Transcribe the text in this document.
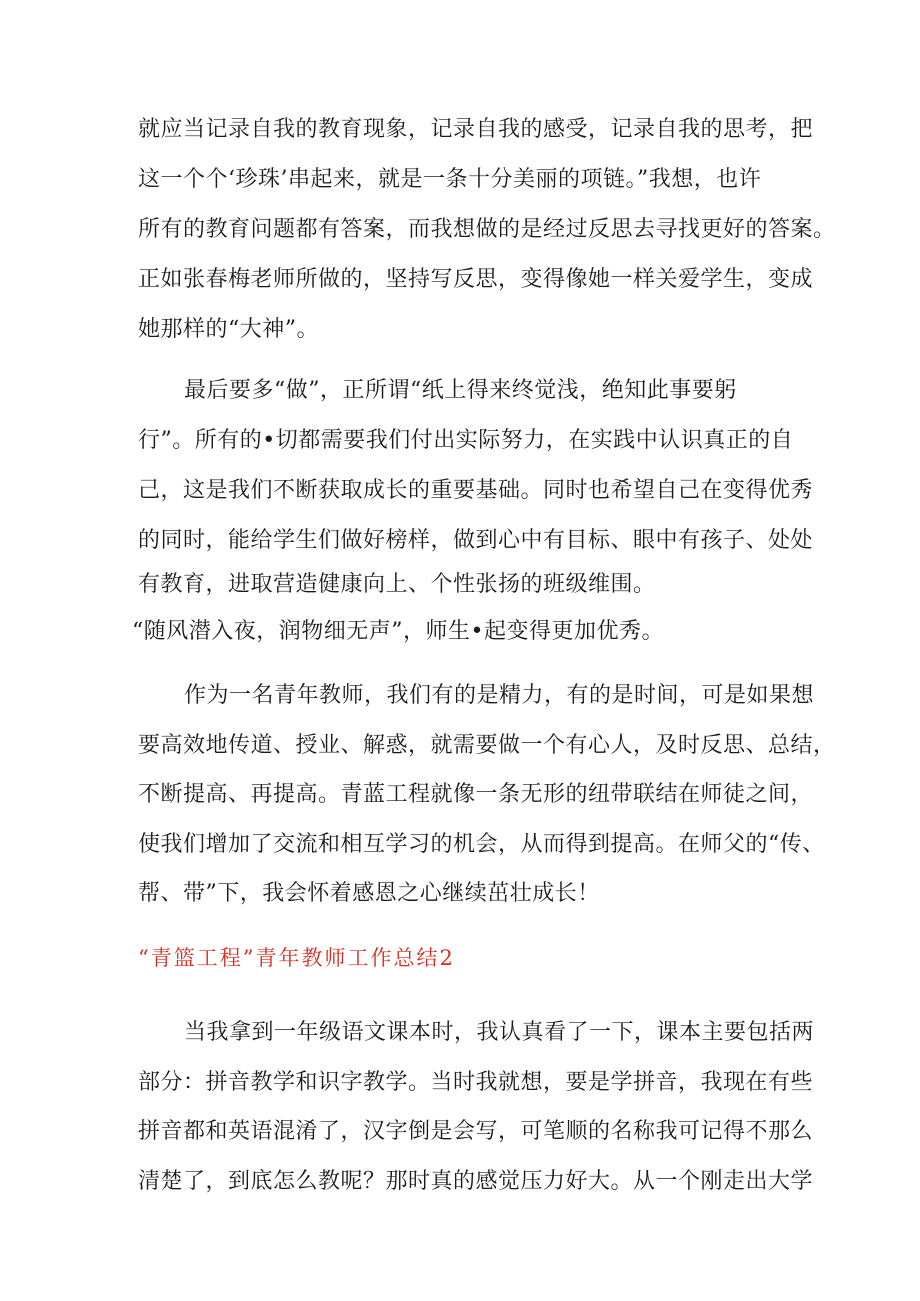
就应当记录自我的教育现象，记录自我的感受，记录自我的思考，把
这一个个‘珍珠’串起来，就是一条十分美丽的项链。”我想，也许
所有的教育问题都有答案，而我想做的是经过反思去寻找更好的答案。
正如张春梅老师所做的，坚持写反思，变得像她一样关爱学生，变成
她那样的“大神”。
最后要多“做”，正所谓“纸上得来终觉浅，绝知此事要躬
行”。所有的•切都需要我们付出实际努力，在实践中认识真正的自
己，这是我们不断获取成长的重要基础。同时也希望自己在变得优秀
的同时，能给学生们做好榜样，做到心中有目标、眼中有孩子、处处
有教育，进取营造健康向上、个性张扬的班级维围。
“随风潜入夜，润物细无声”，师生•起变得更加优秀。
作为一名青年教师，我们有的是精力，有的是时间，可是如果想
要高效地传道、授业、解惑，就需要做一个有心人，及时反思、总结，
不断提高、再提高。青蓝工程就像一条无形的纽带联结在师徒之间，
使我们增加了交流和相互学习的机会，从而得到提高。在师父的“传、
帮、带”下，我会怀着感恩之心继续茁壮成长！
“青篮工程”青年教师工作总结2
当我拿到一年级语文课本时，我认真看了一下，课本主要包括两
部分：拼音教学和识字教学。当时我就想，要是学拼音，我现在有些
拼音都和英语混淆了，汉字倒是会写，可笔顺的名称我可记得不那么
清楚了，到底怎么教呢？那时真的感觉压力好大。从一个刚走出大学
